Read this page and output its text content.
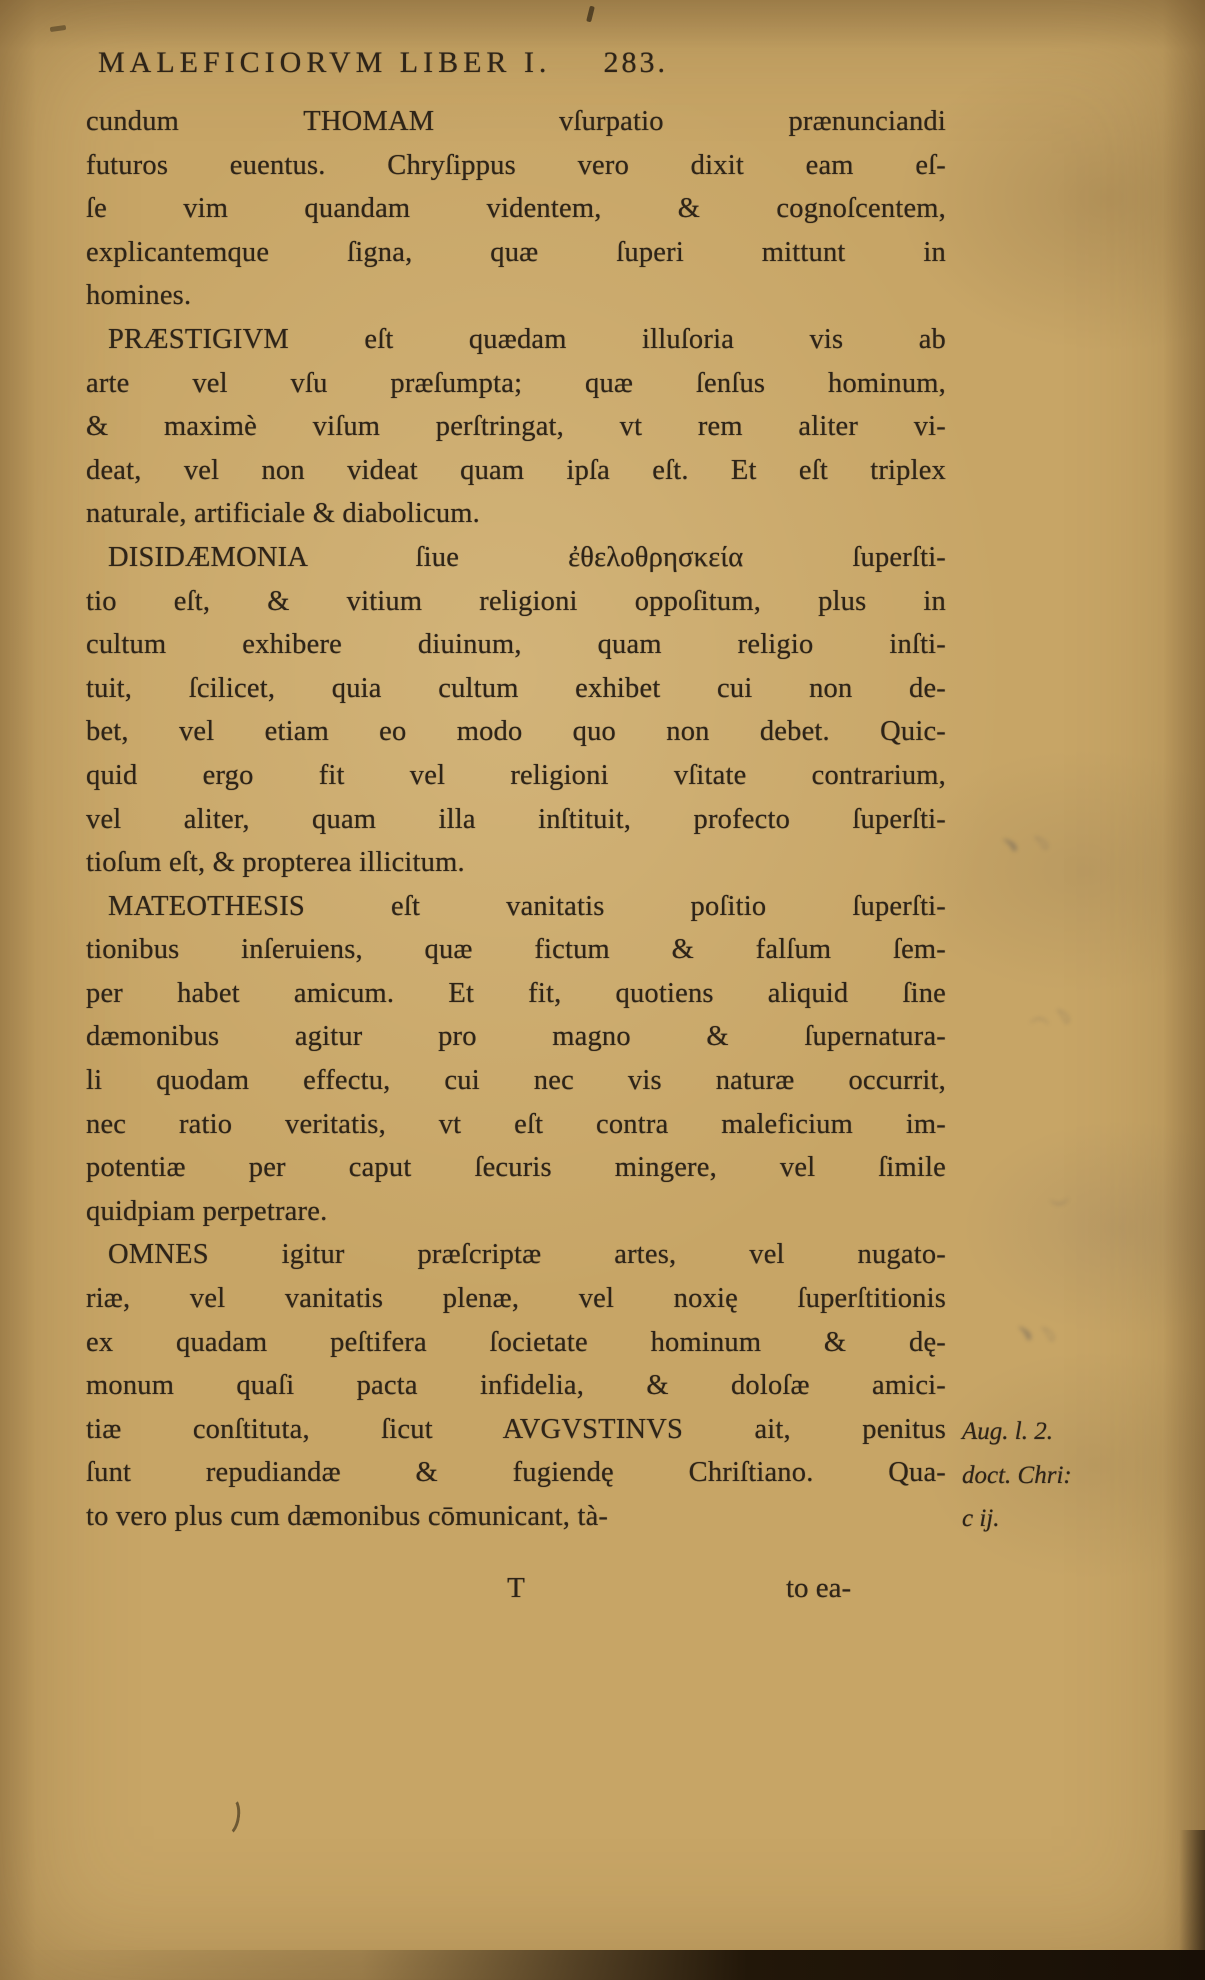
MALEFICIORVM LIBER I. 283.

cundum THOMAM vſurpatio prænunciandi
futuros euentus. Chryſippus vero dixit eam eſ-
ſe vim quandam videntem, & cognoſcentem,
explicantemque ſigna, quæ ſuperi mittunt in
homines.

PRÆSTIGIVM eſt quædam illuſoria vis ab
arte vel vſu præſumpta; quæ ſenſus hominum,
& maximè viſum perſtringat, vt rem aliter vi-
deat, vel non videat quam ipſa eſt. Et eſt triplex
naturale, artificiale & diabolicum.

DISIDÆMONIA ſiue ἐθελοθρησκεία ſuperſti-
tio eſt, & vitium religioni oppoſitum, plus in
cultum exhibere diuinum, quam religio inſti-
tuit, ſcilicet, quia cultum exhibet cui non de-
bet, vel etiam eo modo quo non debet. Quic-
quid ergo fit vel religioni vſitate contrarium,
vel aliter, quam illa inſtituit, profecto ſuperſti-
tioſum eſt, & propterea illicitum.

MATEOTHESIS eſt vanitatis poſitio ſuperſti-
tionibus inſeruiens, quæ fictum & falſum ſem-
per habet amicum. Et fit, quotiens aliquid ſine
dæmonibus agitur pro magno & ſupernatura-
li quodam effectu, cui nec vis naturæ occurrit,
nec ratio veritatis, vt eſt contra maleficium im-
potentiæ per caput ſecuris mingere, vel ſimile
quidpiam perpetrare.

OMNES igitur præſcriptæ artes, vel nugato-
riæ, vel vanitatis plenæ, vel noxię ſuperſtitionis
ex quadam peſtifera ſocietate hominum & dę-
monum quaſi pacta infidelia, & doloſæ amici-
tiæ conſtituta, ſicut AVGVSTINVS ait, penitus
ſunt repudiandæ & fugiendę Chriſtiano. Qua-
to vero plus cum dæmonibus cōmunicant, tà-

Aug. l. 2.
doct. Chri:
c ij.
T	to ea-
﹅ ﹆
︵﹆
︶
﹅﹆
